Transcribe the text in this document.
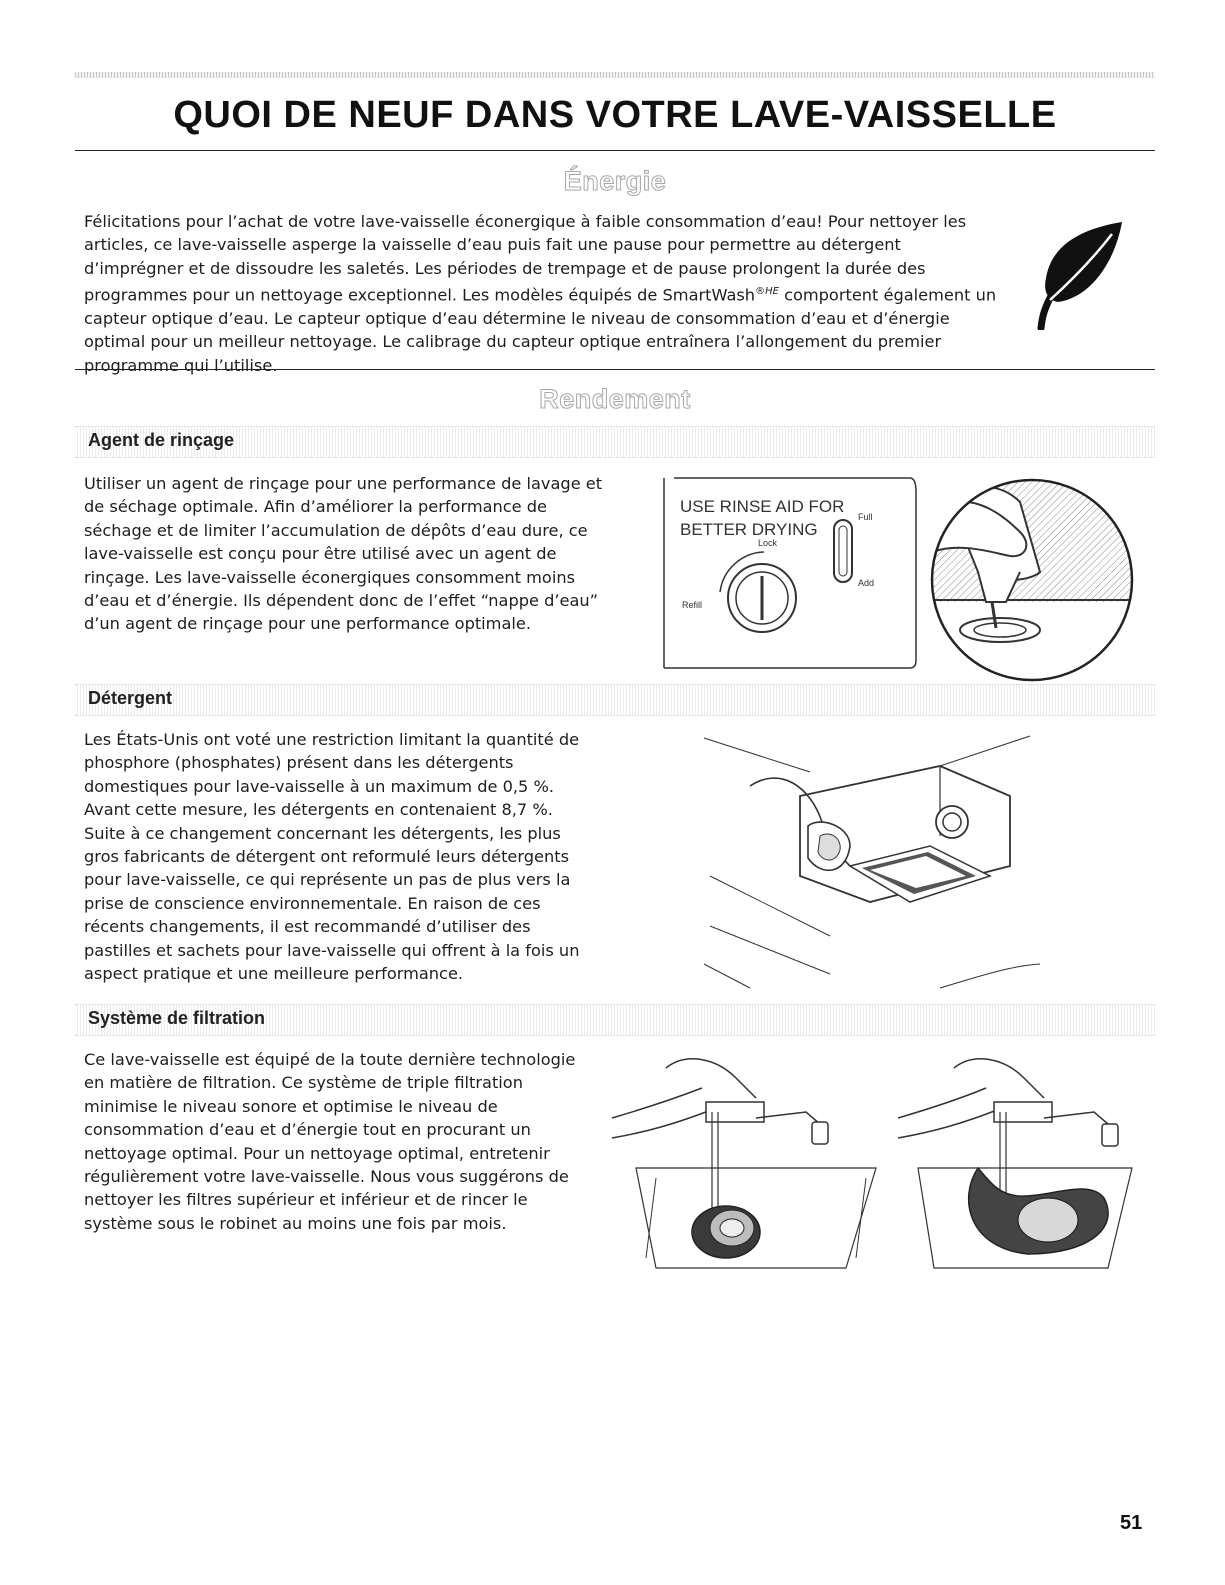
QUOI DE NEUF DANS VOTRE LAVE-VAISSELLE
Énergie

Félicitations pour l’achat de votre lave-vaisselle éconergique à faible consommation d’eau! Pour nettoyer les articles, ce lave-vaisselle asperge la vaisselle d’eau puis fait une pause pour permettre au détergent d’imprégner et de dissoudre les saletés. Les périodes de trempage et de pause prolongent la durée des programmes pour un nettoyage exceptionnel. Les modèles équipés de SmartWash$^{®HE}$ comportent également un capteur optique d’eau. Le capteur optique d’eau détermine le niveau de consommation d’eau et d’énergie optimal pour un meilleur nettoyage. Le calibrage du capteur optique entraînera l’allongement du premier programme qui l’utilise.

Rendement
Agent de rinçage

Utiliser un agent de rinçage pour une performance de lavage et de séchage optimale. Afin d’améliorer la performance de séchage et de limiter l’accumulation de dépôts d’eau dure, ce lave-vaisselle est conçu pour être utilisé avec un agent de rinçage. Les lave-vaisselle éconergiques consomment moins d’eau et d’énergie. Ils dépendent donc de l’effet “nappe d’eau” d’un agent de rinçage pour une performance optimale.

USE RINSE AID FOR
BETTER DRYING
Lock
Refill
Full
Add
Détergent

Les États-Unis ont voté une restriction limitant la quantité de phosphore (phosphates) présent dans les détergents domestiques pour lave-vaisselle à un maximum de 0,5 %. Avant cette mesure, les détergents en contenaient 8,7 %. Suite à ce changement concernant les détergents, les plus gros fabricants de détergent ont reformulé leurs détergents pour lave-vaisselle, ce qui représente un pas de plus vers la prise de conscience environnementale. En raison de ces récents changements, il est recommandé d’utiliser des pastilles et sachets pour lave-vaisselle qui offrent à la fois un aspect pratique et une meilleure performance.

Système de filtration

Ce lave-vaisselle est équipé de la toute dernière technologie en matière de filtration. Ce système de triple filtration minimise le niveau sonore et optimise le niveau de consommation d’eau et d’énergie tout en procurant un nettoyage optimal. Pour un nettoyage optimal, entretenir régulièrement votre lave-vaisselle. Nous vous suggérons de nettoyer les filtres supérieur et inférieur et de rincer le système sous le robinet au moins une fois par mois.

51
